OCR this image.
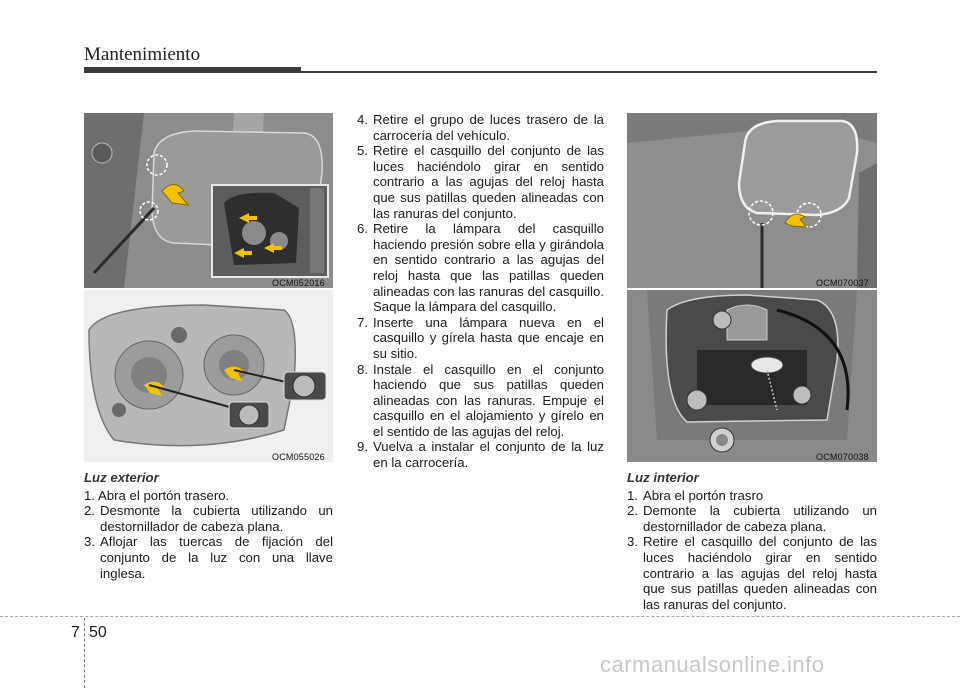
Mantenimiento
OCM052016
OCM055026
OCM070037
OCM070038

Luz exterior

1. Abra el portón trasero.
2. Desmonte la cubierta utilizando un destornillador de cabeza plana.
3. Aflojar las tuercas de fijación del conjunto de la luz con una llave inglesa.
4. Retire el grupo de luces trasero de la carrocería del vehículo.
5. Retire el casquillo del conjunto de las luces haciéndolo girar en sentido contrario a las agujas del reloj hasta que sus patillas queden alineadas con las ranuras del conjunto.
6. Retire la lámpara del casquillo haciendo presión sobre ella y girándola en sentido contrario a las agujas del reloj hasta que las patillas queden alineadas con las ranuras del casquillo. Saque la lámpara del casquillo.
7. Inserte una lámpara nueva en el casquillo y gírela hasta que encaje en su sitio.
8. Instale el casquillo en el conjunto haciendo que sus patillas queden alineadas con las ranuras. Empuje el casquillo en el alojamiento y gírelo en el sentido de las agujas del reloj.
9. Vuelva a instalar el conjunto de la luz en la carrocería.

Luz interior

1. Abra el portón trasro
2. Demonte la cubierta utilizando un destornillador de cabeza plana.
3. Retire el casquillo del conjunto de las luces haciéndolo girar en sentido contrario a las agujas del reloj hasta que sus patillas queden alineadas con las ranuras del conjunto.
7 50
carmanualsonline.info
